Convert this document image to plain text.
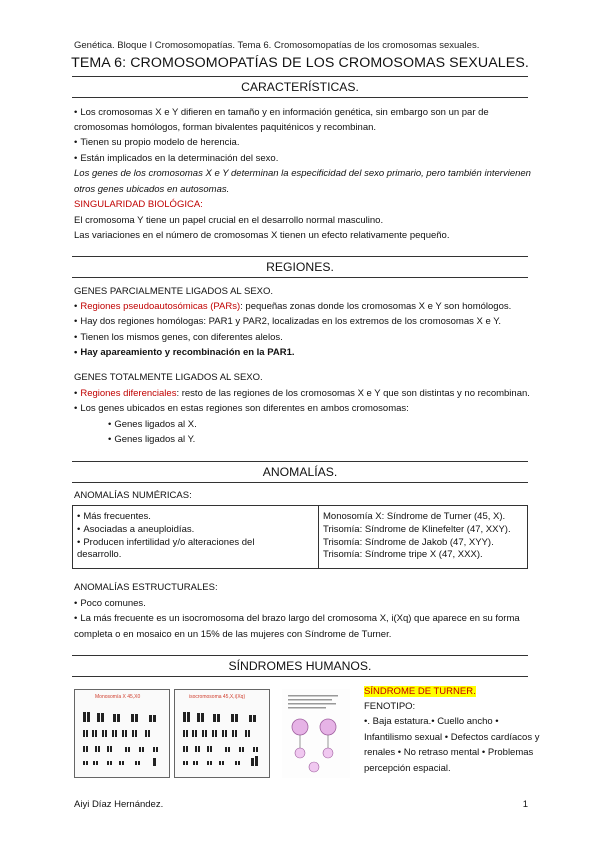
Genética. Bloque I Cromosomopatías. Tema 6. Cromosomopatías de los cromosomas sexuales.
TEMA 6: CROMOSOMOPATÍAS DE LOS CROMOSOMAS SEXUALES.
CARACTERÍSTICAS.
• Los cromosomas X e Y difieren en tamaño y en información genética, sin embargo son un par de
cromosomas homólogos, forman bivalentes paquiténicos y recombinan.
• Tienen su propio modelo de herencia.
• Están implicados en la determinación del sexo.
Los genes de los cromosomas X e Y determinan la especificidad del sexo primario, pero también intervienen
otros genes ubicados en autosomas.
SINGULARIDAD BIOLÓGICA:
El cromosoma Y tiene un papel crucial en el desarrollo normal masculino.
Las variaciones en el número de cromosomas X tienen un efecto relativamente pequeño.
REGIONES.
GENES PARCIALMENTE LIGADOS AL SEXO.
• Regiones pseudoautosómicas (PARs): pequeñas zonas donde los cromosomas X e Y son homólogos.
• Hay dos regiones homólogas: PAR1 y PAR2, localizadas en los extremos de los cromosomas X e Y.
• Tienen los mismos genes, con diferentes alelos.
• Hay apareamiento y recombinación en la PAR1.
GENES TOTALMENTE LIGADOS AL SEXO.
• Regiones diferenciales: resto de las regiones de los cromosomas X e Y que son distintas y no recombinan.
• Los genes ubicados en estas regiones son diferentes en ambos cromosomas:
• Genes ligados al X.
• Genes ligados al Y.
ANOMALÍAS.
ANOMALÍAS NUMÉRICAS:
• Más frecuentes.
• Asociadas a aneuploidías.
• Producen infertilidad y/o alteraciones del
desarrollo.

Monosomía X: Síndrome de Turner (45, X).
Trisomía: Síndrome de Klinefelter (47, XXY).
Trisomía: Síndrome de Jakob (47, XYY).
Trisomía: Síndrome tripe X (47, XXX).
ANOMALÍAS ESTRUCTURALES:
• Poco comunes.
• La más frecuente es un isocromosoma del brazo largo del cromosoma X, i(Xq) que aparece en su forma
completa o en mosaico en un 15% de las mujeres con Síndrome de Turner.
SÍNDROMES HUMANOS.
Monosomía X 45,X0	isocromosoma 45,X,i(Xq)	SÍNDROME DE TURNER.
FENOTIPO:
•. Baja estatura.• Cuello ancho •
Infantilismo sexual • Defectos cardíacos y
renales • No retraso mental • Problemas
percepción espacial.
Aiyi Díaz Hernández.	1
